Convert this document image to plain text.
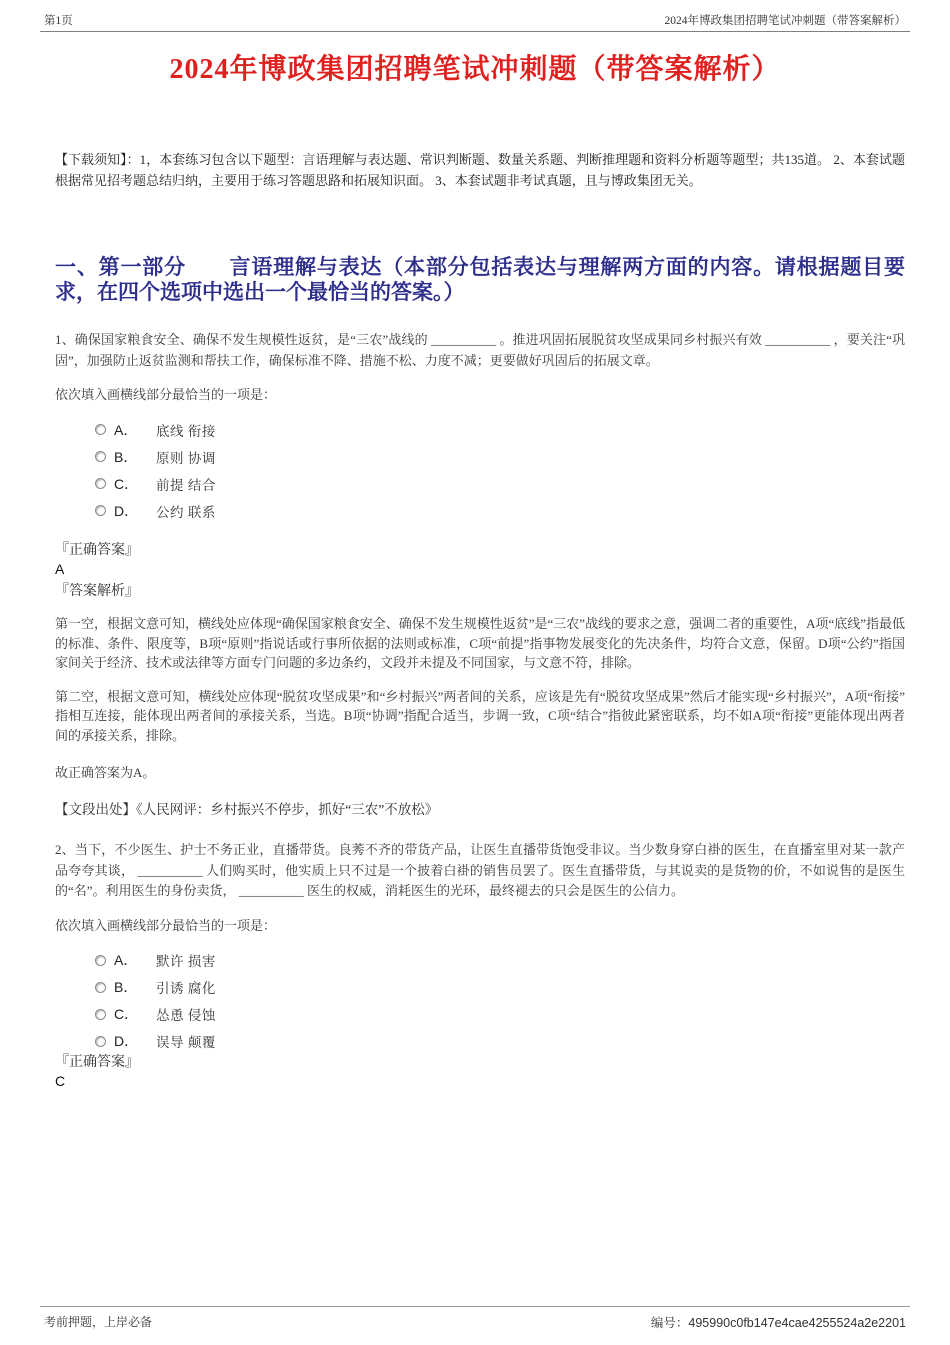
第1页	2024年博政集团招聘笔试冲刺题（带答案解析）
2024年博政集团招聘笔试冲刺题（带答案解析）

【下载须知】：1，本套练习包含以下题型：言语理解与表达题、常识判断题、数量关系题、判断推理题和资料分析题等题型；共135道。 2、本套试题根据常见招考题总结归纳，主要用于练习答题思路和拓展知识面。 3、本套试题非考试真题，且与博政集团无关。

一、第一部分　　言语理解与表达（本部分包括表达与理解两方面的内容。请根据题目要求，在四个选项中选出一个最恰当的答案。）

1、确保国家粮食安全、确保不发生规模性返贫，是“三农”战线的 __________ 。推进巩固拓展脱贫攻坚成果同乡村振兴有效 __________ ，要关注“巩固”，加强防止返贫监测和帮扶工作，确保标准不降、措施不松、力度不减；更要做好巩固后的拓展文章。

依次填入画横线部分最恰当的一项是：

A．	底线 衔接
B．	原则 协调
C．	前提 结合
D．	公约 联系
『正确答案』
A
『答案解析』

第一空，根据文意可知，横线处应体现“确保国家粮食安全、确保不发生规模性返贫”是“三农”战线的要求之意，强调二者的重要性，A项“底线”指最低的标准、条件、限度等，B项“原则”指说话或行事所依据的法则或标准，C项“前提”指事物发展变化的先决条件，均符合文意，保留。D项“公约”指国家间关于经济、技术或法律等方面专门问题的多边条约，文段并未提及不同国家，与文意不符，排除。

第二空，根据文意可知，横线处应体现“脱贫攻坚成果”和“乡村振兴”两者间的关系，应该是先有“脱贫攻坚成果”然后才能实现“乡村振兴”，A项“衔接”指相互连接，能体现出两者间的承接关系，当选。B项“协调”指配合适当，步调一致，C项“结合”指彼此紧密联系，均不如A项“衔接”更能体现出两者间的承接关系，排除。

故正确答案为A。

【文段出处】《人民网评：乡村振兴不停步，抓好“三农”不放松》

2、当下，不少医生、护士不务正业，直播带货。良莠不齐的带货产品，让医生直播带货饱受非议。当少数身穿白褂的医生，在直播室里对某一款产品夸夸其谈， __________ 人们购买时，他实质上只不过是一个披着白褂的销售员罢了。医生直播带货，与其说卖的是货物的价，不如说售的是医生的“名”。利用医生的身份卖货， __________ 医生的权威，消耗医生的光环，最终褪去的只会是医生的公信力。

依次填入画横线部分最恰当的一项是：

A．	默许 损害
B．	引诱 腐化
C．	怂恿 侵蚀
D．	误导 颠覆
『正确答案』
C
考前押题，上岸必备	编号：495990c0fb147e4cae4255524a2e2201
